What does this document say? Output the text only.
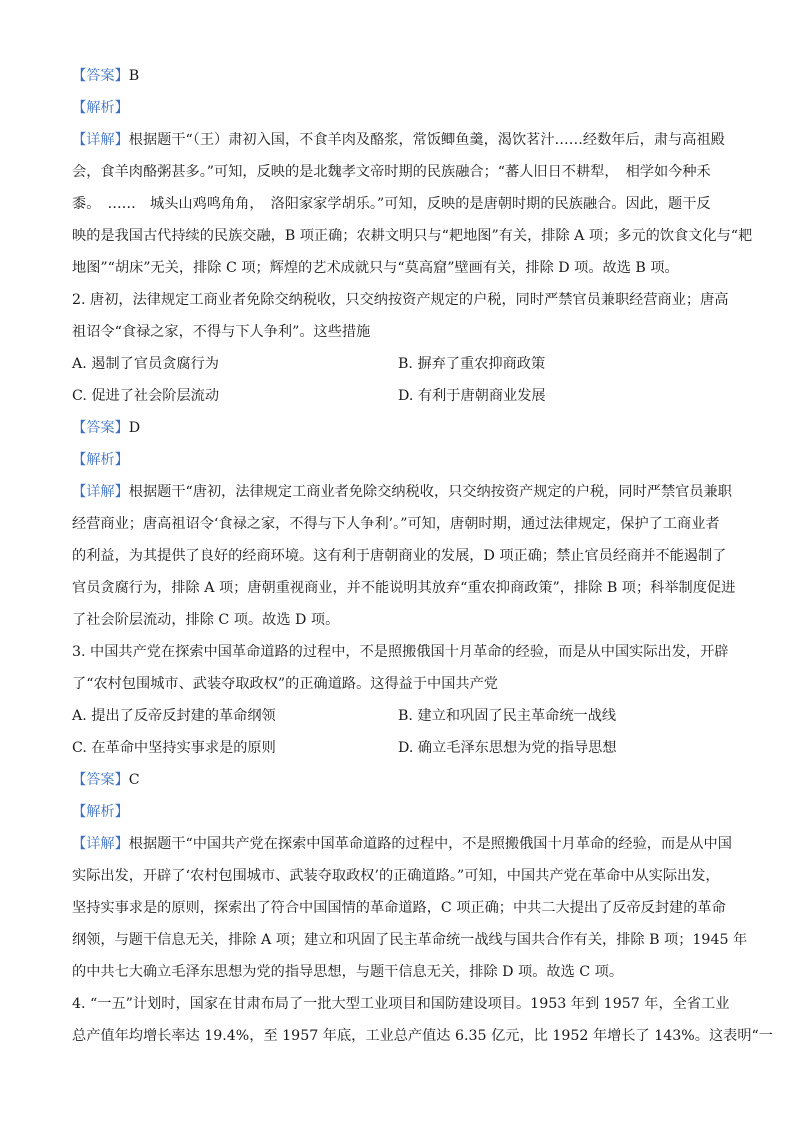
【答案】B
【解析】
【详解】根据题干“（王）肃初入国，不食羊肉及酪浆，常饭鲫鱼羹，渴饮茗汁……经数年后，肃与高祖殿
会，食羊肉酪粥甚多。”可知，反映的是北魏孝文帝时期的民族融合；“蕃人旧日不耕犁，　相学如今种禾
黍。　……　城头山鸡鸣角角，　洛阳家家学胡乐。”可知，反映的是唐朝时期的民族融合。因此，题干反
映的是我国古代持续的民族交融，B 项正确；农耕文明只与“耙地图”有关，排除 A 项；多元的饮食文化与“耙
地图”“胡床”无关，排除 C 项；辉煌的艺术成就只与“莫高窟”壁画有关，排除 D 项。故选 B 项。
2. 唐初，法律规定工商业者免除交纳税收，只交纳按资产规定的户税，同时严禁官员兼职经营商业；唐高
祖诏令“食禄之家，不得与下人争利”。这些措施
A. 遏制了官员贪腐行为	B. 摒弃了重农抑商政策
C. 促进了社会阶层流动	D. 有利于唐朝商业发展
【答案】D
【解析】
【详解】根据题干“唐初，法律规定工商业者免除交纳税收，只交纳按资产规定的户税，同时严禁官员兼职
经营商业；唐高祖诏令‘食禄之家，不得与下人争利’。”可知，唐朝时期，通过法律规定，保护了工商业者
的利益，为其提供了良好的经商环境。这有利于唐朝商业的发展，D 项正确；禁止官员经商并不能遏制了
官员贪腐行为，排除 A 项；唐朝重视商业，并不能说明其放弃“重农抑商政策”，排除 B 项；科举制度促进
了社会阶层流动，排除 C 项。故选 D 项。
3. 中国共产党在探索中国革命道路的过程中，不是照搬俄国十月革命的经验，而是从中国实际出发，开辟
了“农村包围城市、武装夺取政权”的正确道路。这得益于中国共产党
A. 提出了反帝反封建的革命纲领	B. 建立和巩固了民主革命统一战线
C. 在革命中坚持实事求是的原则	D. 确立毛泽东思想为党的指导思想
【答案】C
【解析】
【详解】根据题干“中国共产党在探索中国革命道路的过程中，不是照搬俄国十月革命的经验，而是从中国
实际出发，开辟了‘农村包围城市、武装夺取政权’的正确道路。”可知，中国共产党在革命中从实际出发，
坚持实事求是的原则，探索出了符合中国国情的革命道路，C 项正确；中共二大提出了反帝反封建的革命
纲领，与题干信息无关，排除 A 项；建立和巩固了民主革命统一战线与国共合作有关，排除 B 项；1945 年
的中共七大确立毛泽东思想为党的指导思想，与题干信息无关，排除 D 项。故选 C 项。
4. “一五”计划时，国家在甘肃布局了一批大型工业项目和国防建设项目。1953 年到 1957 年，全省工业
总产值年均增长率达 19.4%，至 1957 年底，工业总产值达 6.35 亿元，比 1952 年增长了 143%。这表明“一
